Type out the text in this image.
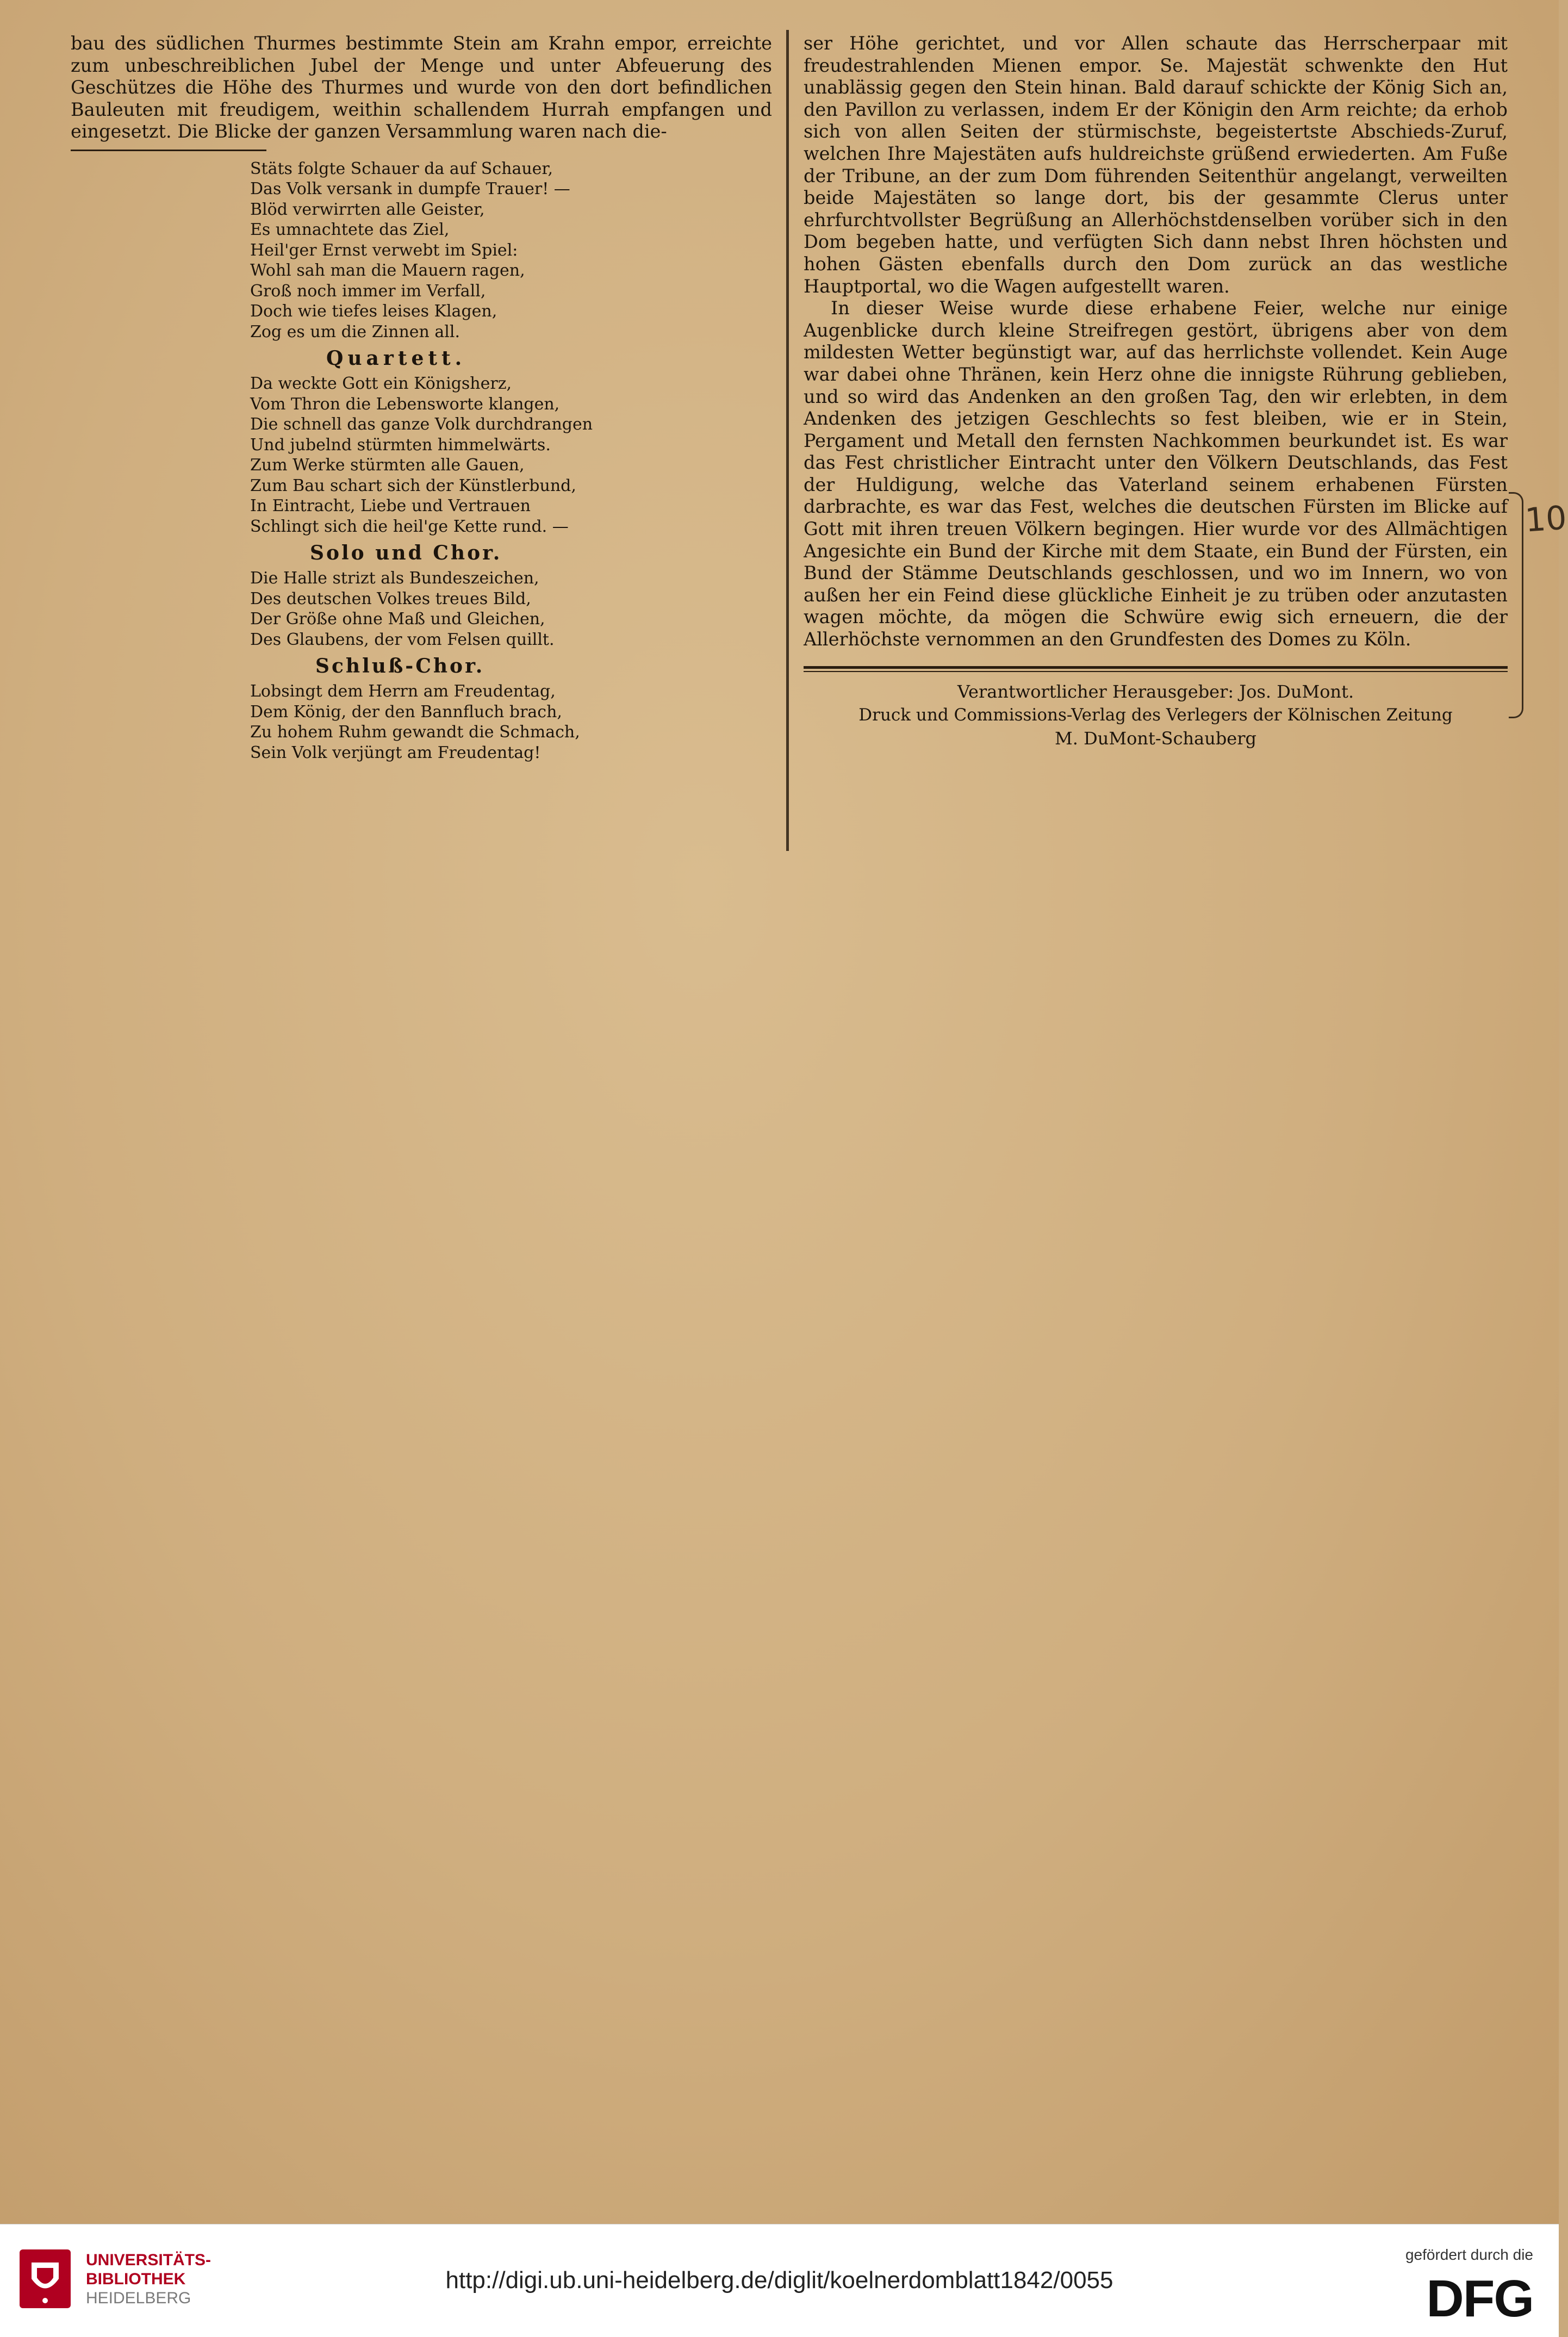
bau des südlichen Thurmes bestimmte Stein am Krahn empor, erreichte zum unbeschreiblichen Jubel der Menge und unter Abfeuerung des Geschützes die Höhe des Thurmes und wurde von den dort befindlichen Bauleuten mit freudigem, weithin schallendem Hurrah empfangen und eingesetzt. Die Blicke der ganzen Versammlung waren nach die-

Stäts folgte Schauer da auf Schauer,
Das Volk versank in dumpfe Trauer! —
Blöd verwirrten alle Geister,
Es umnachtete das Ziel,
Heil'ger Ernst verwebt im Spiel:
Wohl sah man die Mauern ragen,
Groß noch immer im Verfall,
Doch wie tiefes leises Klagen,
Zog es um die Zinnen all.
Quartett.
Da weckte Gott ein Königsherz,
Vom Thron die Lebensworte klangen,
Die schnell das ganze Volk durchdrangen
Und jubelnd stürmten himmelwärts.
Zum Werke stürmten alle Gauen,
Zum Bau schart sich der Künstlerbund,
In Eintracht, Liebe und Vertrauen
Schlingt sich die heil'ge Kette rund. —
Solo und Chor.
Die Halle strizt als Bundeszeichen,
Des deutschen Volkes treues Bild,
Der Größe ohne Maß und Gleichen,
Des Glaubens, der vom Felsen quillt.
Schluß-Chor.
Lobsingt dem Herrn am Freudentag,
Dem König, der den Bannfluch brach,
Zu hohem Ruhm gewandt die Schmach,
Sein Volk verjüngt am Freudentag!

ser Höhe gerichtet, und vor Allen schaute das Herrscherpaar mit freudestrahlenden Mienen empor. Se. Majestät schwenkte den Hut unablässig gegen den Stein hinan. Bald darauf schickte der König Sich an, den Pavillon zu verlassen, indem Er der Königin den Arm reichte; da erhob sich von allen Seiten der stürmischste, begeistertste Abschieds-Zuruf, welchen Ihre Majestäten aufs huldreichste grüßend erwiederten. Am Fuße der Tribune, an der zum Dom führenden Seitenthür angelangt, verweilten beide Majestäten so lange dort, bis der gesammte Clerus unter ehrfurchtvollster Begrüßung an Allerhöchstdenselben vorüber sich in den Dom begeben hatte, und verfügten Sich dann nebst Ihren höchsten und hohen Gästen ebenfalls durch den Dom zurück an das westliche Hauptportal, wo die Wagen aufgestellt waren.

In dieser Weise wurde diese erhabene Feier, welche nur einige Augenblicke durch kleine Streifregen gestört, übrigens aber von dem mildesten Wetter begünstigt war, auf das herrlichste vollendet. Kein Auge war dabei ohne Thränen, kein Herz ohne die innigste Rührung geblieben, und so wird das Andenken an den großen Tag, den wir erlebten, in dem Andenken des jetzigen Geschlechts so fest bleiben, wie er in Stein, Pergament und Metall den fernsten Nachkommen beurkundet ist. Es war das Fest christlicher Eintracht unter den Völkern Deutschlands, das Fest der Huldigung, welche das Vaterland seinem erhabenen Fürsten darbrachte, es war das Fest, welches die deutschen Fürsten im Blicke auf Gott mit ihren treuen Völkern begingen. Hier wurde vor des Allmächtigen Angesichte ein Bund der Kirche mit dem Staate, ein Bund der Fürsten, ein Bund der Stämme Deutschlands geschlossen, und wo im Innern, wo von außen her ein Feind diese glückliche Einheit je zu trüben oder anzutasten wagen möchte, da mögen die Schwüre ewig sich erneuern, die der Allerhöchste vernommen an den Grundfesten des Domes zu Köln.

Verantwortlicher Herausgeber: Jos. DuMont.
Druck und Commissions-Verlag des Verlegers der Kölnischen Zeitung
M. DuMont-Schauberg
10
UNIVERSITÄTS-
BIBLIOTHEK
HEIDELBERG
http://digi.ub.uni-heidelberg.de/diglit/koelnerdomblatt1842/0055
gefördert durch die
DFG
